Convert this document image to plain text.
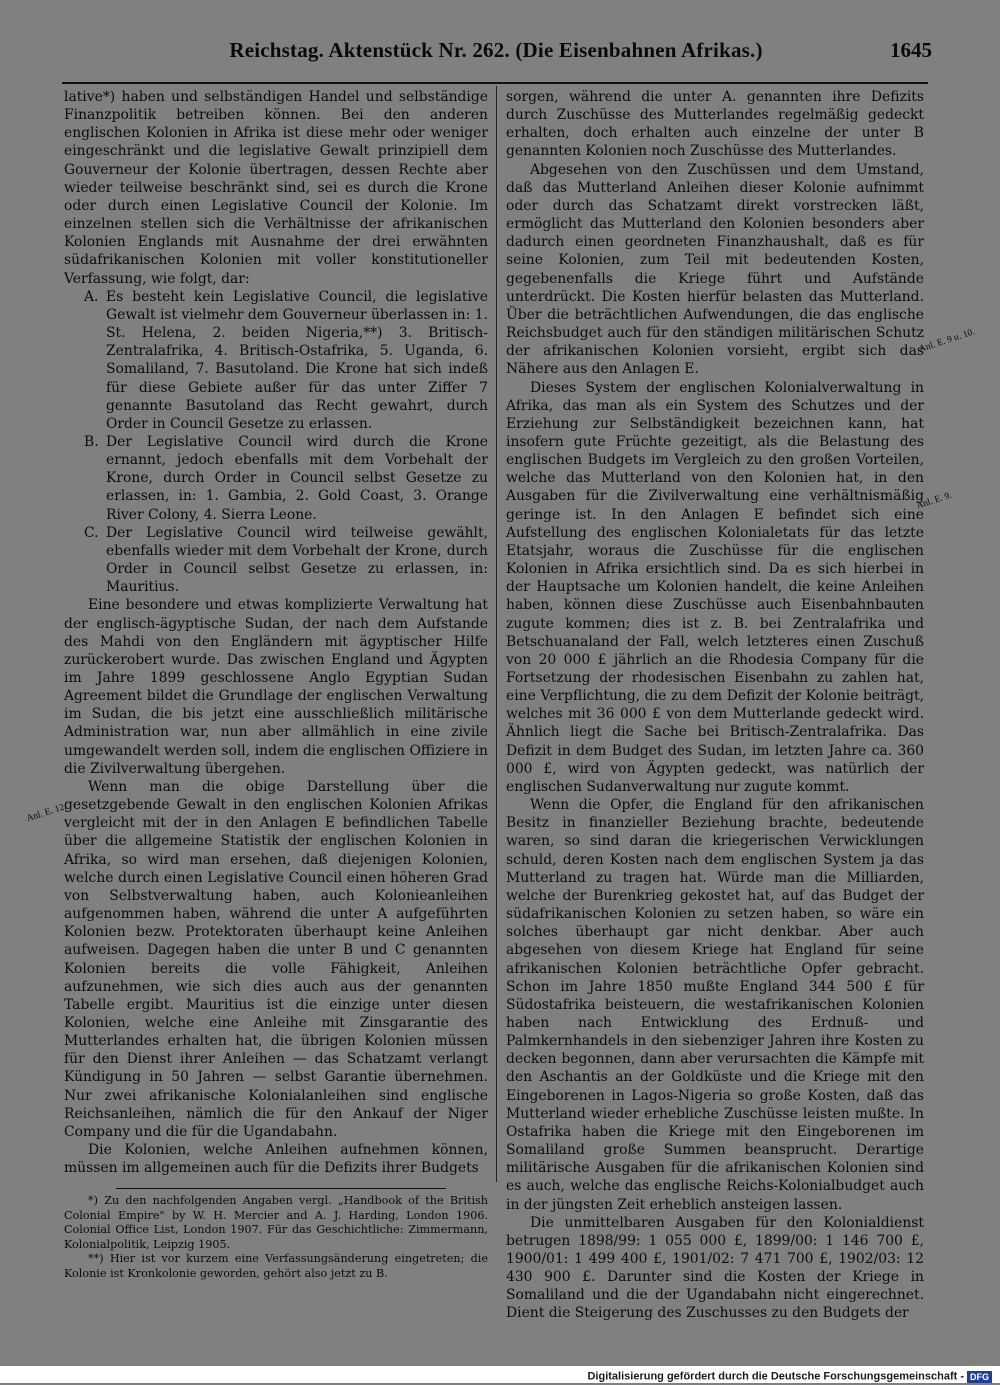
Reichstag. Aktenstück Nr. 262. (Die Eisenbahnen Afrikas.)	1645

lative*) haben und selbständigen Handel und selbständige Finanzpolitik betreiben können. Bei den anderen englischen Kolonien in Afrika ist diese mehr oder weniger eingeschränkt und die legislative Gewalt prinzipiell dem Gouverneur der Kolonie übertragen, dessen Rechte aber wieder teilweise beschränkt sind, sei es durch die Krone oder durch einen Legislative Council der Kolonie. Im einzelnen stellen sich die Verhältnisse der afrikanischen Kolonien Englands mit Ausnahme der drei erwähnten südafrikanischen Kolonien mit voller konstitutioneller Verfassung, wie folgt, dar:

A. Es besteht kein Legislative Council, die legislative Gewalt ist vielmehr dem Gouverneur überlassen in: 1. St. Helena, 2. beiden Nigeria,**) 3. Britisch-Zentralafrika, 4. Britisch-Ostafrika, 5. Uganda, 6. Somaliland, 7. Basutoland. Die Krone hat sich indeß für diese Gebiete außer für das unter Ziffer 7 genannte Basutoland das Recht gewahrt, durch Order in Council Gesetze zu erlassen.
B. Der Legislative Council wird durch die Krone ernannt, jedoch ebenfalls mit dem Vorbehalt der Krone, durch Order in Council selbst Gesetze zu erlassen, in: 1. Gambia, 2. Gold Coast, 3. Orange River Colony, 4. Sierra Leone.
C. Der Legislative Council wird teilweise gewählt, ebenfalls wieder mit dem Vorbehalt der Krone, durch Order in Council selbst Gesetze zu erlassen, in: Mauritius.

Eine besondere und etwas komplizierte Verwaltung hat der englisch-ägyptische Sudan, der nach dem Aufstande des Mahdi von den Engländern mit ägyptischer Hilfe zurückerobert wurde. Das zwischen England und Ägypten im Jahre 1899 geschlossene Anglo Egyptian Sudan Agreement bildet die Grundlage der englischen Verwaltung im Sudan, die bis jetzt eine ausschließlich militärische Administration war, nun aber allmählich in eine zivile umgewandelt werden soll, indem die englischen Offiziere in die Zivilverwaltung übergehen.

Wenn man die obige Darstellung über die gesetzgebende Gewalt in den englischen Kolonien Afrikas vergleicht mit der in den Anlagen E befindlichen Tabelle über die allgemeine Statistik der englischen Kolonien in Afrika, so wird man ersehen, daß diejenigen Kolonien, welche durch einen Legislative Council einen höheren Grad von Selbstverwaltung haben, auch Kolonieanleihen aufgenommen haben, während die unter A aufgeführten Kolonien bezw. Protektoraten überhaupt keine Anleihen aufweisen. Dagegen haben die unter B und C genannten Kolonien bereits die volle Fähigkeit, Anleihen aufzunehmen, wie sich dies auch aus der genannten Tabelle ergibt. Mauritius ist die einzige unter diesen Kolonien, welche eine Anleihe mit Zinsgarantie des Mutterlandes erhalten hat, die übrigen Kolonien müssen für den Dienst ihrer Anleihen — das Schatzamt verlangt Kündigung in 50 Jahren — selbst Garantie übernehmen. Nur zwei afrikanische Kolonialanleihen sind englische Reichsanleihen, nämlich die für den Ankauf der Niger Company und die für die Ugandabahn.

Die Kolonien, welche Anleihen aufnehmen können, müssen im allgemeinen auch für die Defizits ihrer Budgets

*) Zu den nachfolgenden Angaben vergl. „Handbook of the British Colonial Empire" by W. H. Mercier and A. J. Harding, London 1906. Colonial Office List, London 1907. Für das Geschichtliche: Zimmermann, Kolonialpolitik, Leipzig 1905.

**) Hier ist vor kurzem eine Verfassungsänderung eingetreten; die Kolonie ist Kronkolonie geworden, gehört also jetzt zu B.

sorgen, während die unter A. genannten ihre Defizits durch Zuschüsse des Mutterlandes regelmäßig gedeckt erhalten, doch erhalten auch einzelne der unter B genannten Kolonien noch Zuschüsse des Mutterlandes.

Abgesehen von den Zuschüssen und dem Umstand, daß das Mutterland Anleihen dieser Kolonie aufnimmt oder durch das Schatzamt direkt vorstrecken läßt, ermöglicht das Mutterland den Kolonien besonders aber dadurch einen geordneten Finanzhaushalt, daß es für seine Kolonien, zum Teil mit bedeutenden Kosten, gegebenenfalls die Kriege führt und Aufstände unterdrückt. Die Kosten hierfür belasten das Mutterland. Über die beträchtlichen Aufwendungen, die das englische Reichsbudget auch für den ständigen militärischen Schutz der afrikanischen Kolonien vorsieht, ergibt sich das Nähere aus den Anlagen E.

Dieses System der englischen Kolonialverwaltung in Afrika, das man als ein System des Schutzes und der Erziehung zur Selbständigkeit bezeichnen kann, hat insofern gute Früchte gezeitigt, als die Belastung des englischen Budgets im Vergleich zu den großen Vorteilen, welche das Mutterland von den Kolonien hat, in den Ausgaben für die Zivilverwaltung eine verhältnismäßig geringe ist. In den Anlagen E befindet sich eine Aufstellung des englischen Kolonialetats für das letzte Etatsjahr, woraus die Zuschüsse für die englischen Kolonien in Afrika ersichtlich sind. Da es sich hierbei in der Hauptsache um Kolonien handelt, die keine Anleihen haben, können diese Zuschüsse auch Eisenbahnbauten zugute kommen; dies ist z. B. bei Zentralafrika und Betschuanaland der Fall, welch letzteres einen Zuschuß von 20 000 £ jährlich an die Rhodesia Company für die Fortsetzung der rhodesischen Eisenbahn zu zahlen hat, eine Verpflichtung, die zu dem Defizit der Kolonie beiträgt, welches mit 36 000 £ von dem Mutterlande gedeckt wird. Ähnlich liegt die Sache bei Britisch-Zentralafrika. Das Defizit in dem Budget des Sudan, im letzten Jahre ca. 360 000 £, wird von Ägypten gedeckt, was natürlich der englischen Sudanverwaltung nur zugute kommt.

Wenn die Opfer, die England für den afrikanischen Besitz in finanzieller Beziehung brachte, bedeutende waren, so sind daran die kriegerischen Verwicklungen schuld, deren Kosten nach dem englischen System ja das Mutterland zu tragen hat. Würde man die Milliarden, welche der Burenkrieg gekostet hat, auf das Budget der südafrikanischen Kolonien zu setzen haben, so wäre ein solches überhaupt gar nicht denkbar. Aber auch abgesehen von diesem Kriege hat England für seine afrikanischen Kolonien beträchtliche Opfer gebracht. Schon im Jahre 1850 mußte England 344 500 £ für Südostafrika beisteuern, die westafrikanischen Kolonien haben nach Entwicklung des Erdnuß- und Palmkernhandels in den siebenziger Jahren ihre Kosten zu decken begonnen, dann aber verursachten die Kämpfe mit den Aschantis an der Goldküste und die Kriege mit den Eingeborenen in Lagos-Nigeria so große Kosten, daß das Mutterland wieder erhebliche Zuschüsse leisten mußte. In Ostafrika haben die Kriege mit den Eingeborenen im Somaliland große Summen beansprucht. Derartige militärische Ausgaben für die afrikanischen Kolonien sind es auch, welche das englische Reichs-Kolonialbudget auch in der jüngsten Zeit erheblich ansteigen lassen.

Die unmittelbaren Ausgaben für den Kolonialdienst betrugen 1898/99: 1 055 000 £, 1899/00: 1 146 700 £, 1900/01: 1 499 400 £, 1901/02: 7 471 700 £, 1902/03: 12 430 900 £. Darunter sind die Kosten der Kriege in Somaliland und die der Ugandabahn nicht eingerechnet. Dient die Steigerung des Zuschusses zu den Budgets der

Anl. E. 12.
Anl. E. 9 u. 10.
Anl. E. 9.
Digitalisierung gefördert durch die Deutsche Forschungsgemeinschaft - DFG
